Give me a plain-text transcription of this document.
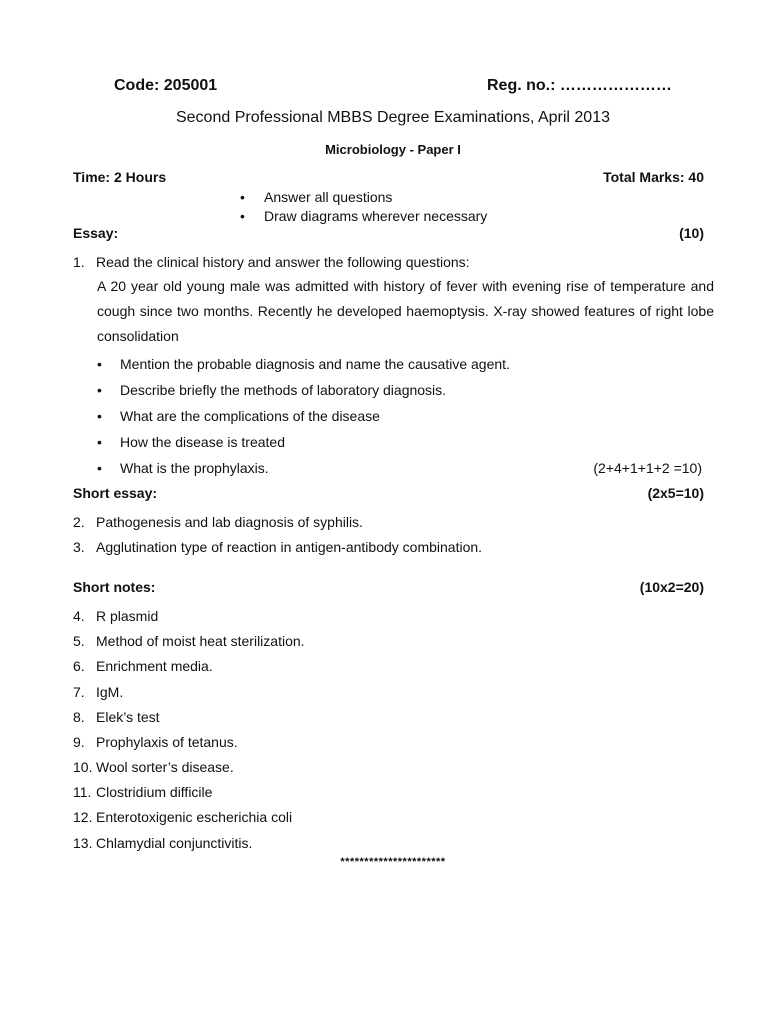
Code: 205001	Reg. no.: …………………
Second Professional MBBS Degree Examinations, April 2013
Microbiology - Paper I
Time: 2 Hours	Total Marks: 40
• Answer all questions
• Draw diagrams wherever necessary
Essay:	(10)
1. Read the clinical history and answer the following questions:
A 20 year old young male was admitted with history of fever with evening rise of temperature and cough since two months. Recently he developed haemoptysis. X-ray showed features of right lobe consolidation
• Mention the probable diagnosis and name the causative agent.
• Describe briefly the methods of laboratory diagnosis.
• What are the complications of the disease
• How the disease is treated
• What is the prophylaxis.	(2+4+1+1+2 =10)
Short essay:	(2x5=10)
2. Pathogenesis and lab diagnosis of syphilis.
3. Agglutination type of reaction in antigen-antibody combination.
Short notes:	(10x2=20)
4. R plasmid
5. Method of moist heat sterilization.
6. Enrichment media.
7. IgM.
8. Elek’s test
9. Prophylaxis of tetanus.
10. Wool sorter’s disease.
11. Clostridium difficile
12. Enterotoxigenic escherichia coli
13. Chlamydial conjunctivitis.
**********************
